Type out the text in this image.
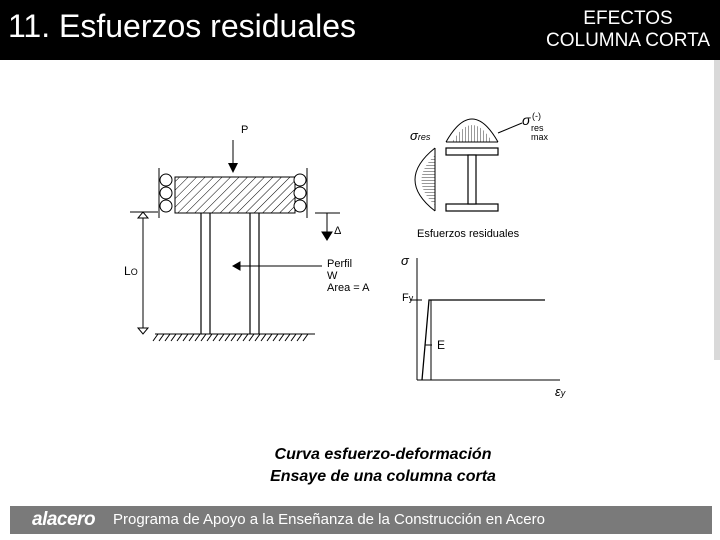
11. Esfuerzos residuales	EFECTOS
COLUMNA CORTA
P
Δ
LO
Perfil
W
Area = A
σres
σ (-)
res
max
Esfuerzos residuales
σ
Fy
E
εy
Curva esfuerzo-deformación
Ensaye de una columna corta
alacero Programa de Apoyo a la Enseñanza de la Construcción en Acero
